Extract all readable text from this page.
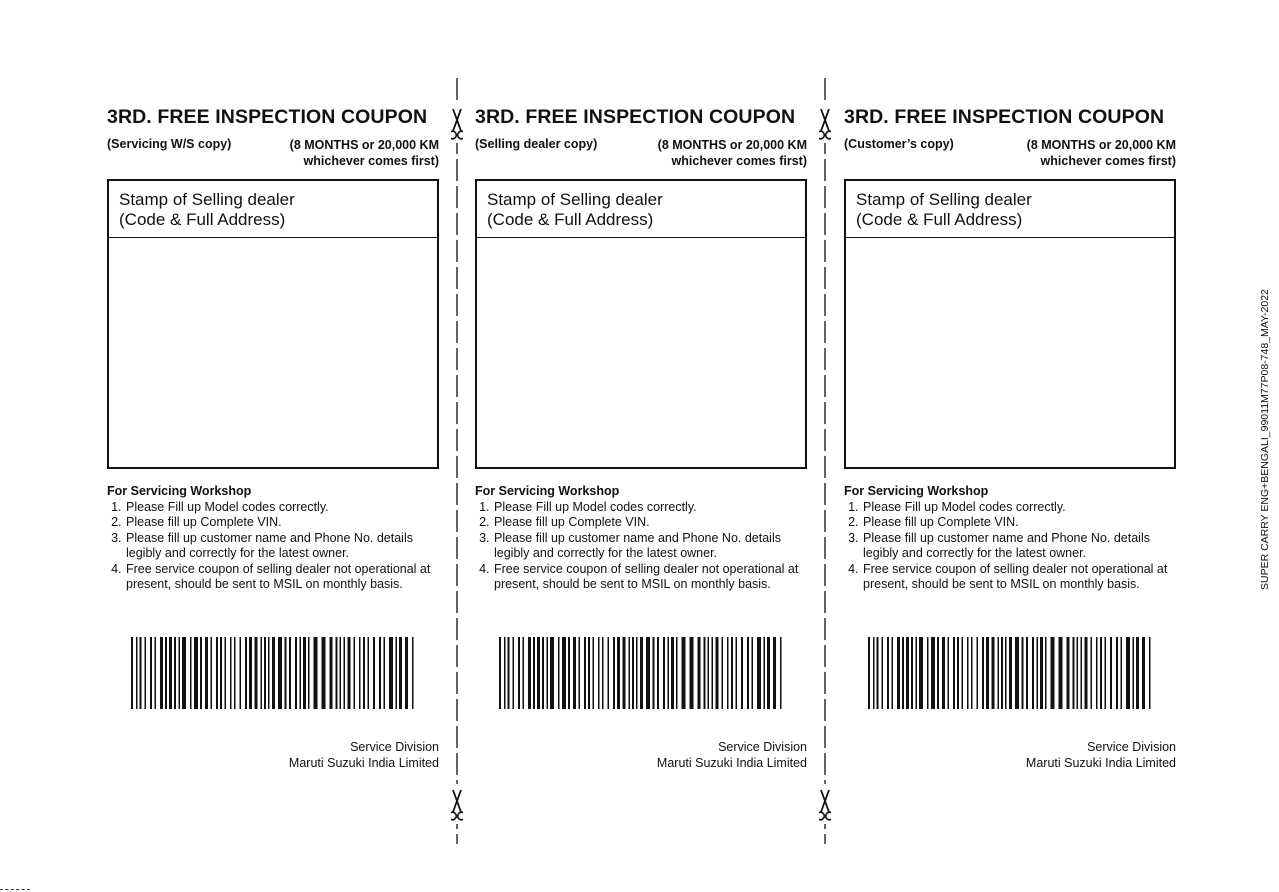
3RD. FREE INSPECTION COUPON
(Servicing W/S copy)	(8 MONTHS or 20,000 KM
whichever comes first)
Stamp of Selling dealer
(Code & Full Address)
For Servicing Workshop
1. Please Fill up Model codes correctly.
2. Please fill up Complete VIN.
3. Please fill up customer name and Phone No. details legibly and correctly for the latest owner.
4. Free service coupon of selling dealer not operational at present, should be sent to MSIL on monthly basis.
Service Division
Maruti Suzuki India Limited
3RD. FREE INSPECTION COUPON
(Selling dealer copy)	(8 MONTHS or 20,000 KM
whichever comes first)
Stamp of Selling dealer
(Code & Full Address)
For Servicing Workshop
1. Please Fill up Model codes correctly.
2. Please fill up Complete VIN.
3. Please fill up customer name and Phone No. details legibly and correctly for the latest owner.
4. Free service coupon of selling dealer not operational at present, should be sent to MSIL on monthly basis.
Service Division
Maruti Suzuki India Limited
3RD. FREE INSPECTION COUPON
(Customer’s copy)	(8 MONTHS or 20,000 KM
whichever comes first)
Stamp of Selling dealer
(Code & Full Address)
For Servicing Workshop
1. Please Fill up Model codes correctly.
2. Please fill up Complete VIN.
3. Please fill up customer name and Phone No. details legibly and correctly for the latest owner.
4. Free service coupon of selling dealer not operational at present, should be sent to MSIL on monthly basis.
Service Division
Maruti Suzuki India Limited
SUPER CARRY ENG+BENGALI_99011M77P08-748_MAY-2022
